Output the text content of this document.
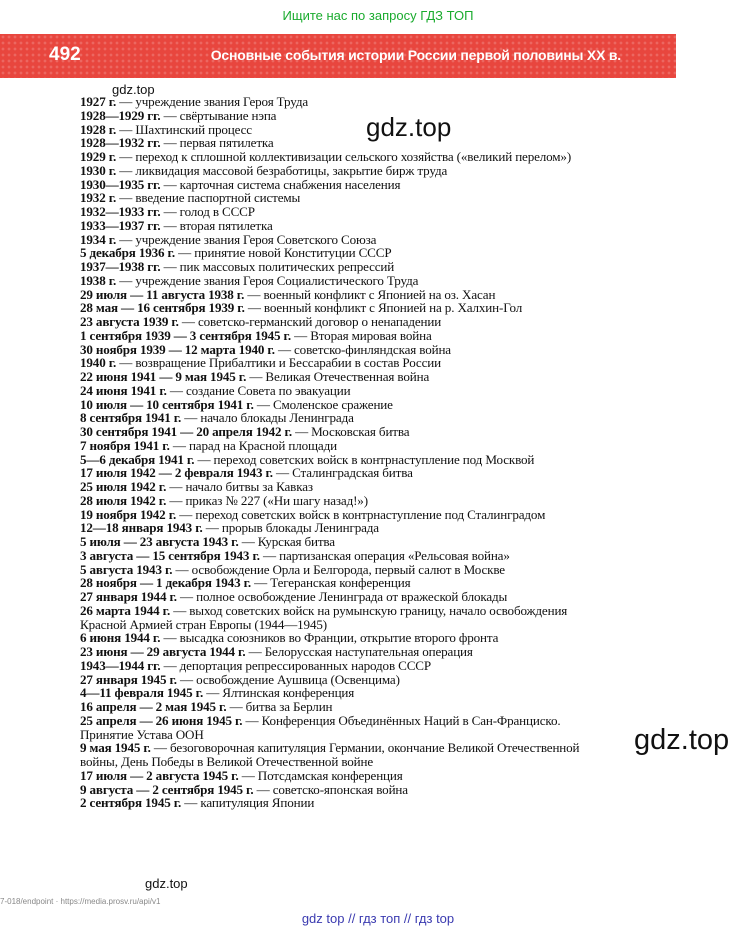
Ищите нас по запросу ГДЗ ТОП
492	Основные события истории России первой половины XX в.
gdz.top
gdz.top
gdz.top
gdz.top

1927 г. — учреждение звания Героя Труда

1928—1929 гг. — свёртывание нэпа

1928 г. — Шахтинский процесс

1928—1932 гг. — первая пятилетка

1929 г. — переход к сплошной коллективизации сельского хозяйства («великий перелом»)

1930 г. — ликвидация массовой безработицы, закрытие бирж труда

1930—1935 гг. — карточная система снабжения населения

1932 г. — введение паспортной системы

1932—1933 гг. — голод в СССР

1933—1937 гг. — вторая пятилетка

1934 г. — учреждение звания Героя Советского Союза

5 декабря 1936 г. — принятие новой Конституции СССР

1937—1938 гг. — пик массовых политических репрессий

1938 г. — учреждение звания Героя Социалистического Труда

29 июля — 11 августа 1938 г. — военный конфликт с Японией на оз. Хасан

28 мая — 16 сентября 1939 г. — военный конфликт с Японией на р. Халхин-Гол

23 августа 1939 г. — советско-германский договор о ненападении

1 сентября 1939 — 3 сентября 1945 г. — Вторая мировая война

30 ноября 1939 — 12 марта 1940 г. — советско-финляндская война

1940 г. — возвращение Прибалтики и Бессарабии в состав России

22 июня 1941 — 9 мая 1945 г. — Великая Отечественная война

24 июня 1941 г. — создание Совета по эвакуации

10 июля — 10 сентября 1941 г. — Смоленское сражение

8 сентября 1941 г. — начало блокады Ленинграда

30 сентября 1941 — 20 апреля 1942 г. — Московская битва

7 ноября 1941 г. — парад на Красной площади

5—6 декабря 1941 г. — переход советских войск в контрнаступление под Москвой

17 июля 1942 — 2 февраля 1943 г. — Сталинградская битва

25 июля 1942 г. — начало битвы за Кавказ

28 июля 1942 г. — приказ № 227 («Ни шагу назад!»)

19 ноября 1942 г. — переход советских войск в контрнаступление под Сталинградом

12—18 января 1943 г. — прорыв блокады Ленинграда

5 июля — 23 августа 1943 г. — Курская битва

3 августа — 15 сентября 1943 г. — партизанская операция «Рельсовая война»

5 августа 1943 г. — освобождение Орла и Белгорода, первый салют в Москве

28 ноября — 1 декабря 1943 г. — Тегеранская конференция

27 января 1944 г. — полное освобождение Ленинграда от вражеской блокады

26 марта 1944 г. — выход советских войск на румынскую границу, начало освобождения Красной Армией стран Европы (1944—1945)

6 июня 1944 г. — высадка союзников во Франции, открытие второго фронта

23 июня — 29 августа 1944 г. — Белорусская наступательная операция

1943—1944 гг. — депортация репрессированных народов СССР

27 января 1945 г. — освобождение Аушвица (Освенцима)

4—11 февраля 1945 г. — Ялтинская конференция

16 апреля — 2 мая 1945 г. — битва за Берлин

25 апреля — 26 июня 1945 г. — Конференция Объединённых Наций в Сан-Франциско. Принятие Устава ООН

9 мая 1945 г. — безоговорочная капитуляция Германии, окончание Великой Отечественной войны, День Победы в Великой Отечественной войне

17 июля — 2 августа 1945 г. — Потсдамская конференция

9 августа — 2 сентября 1945 г. — советско-японская война

2 сентября 1945 г. — капитуляция Японии

7-018/endpoint · https://media.prosv.ru/api/v1
gdz top // гдз топ // гдз top
